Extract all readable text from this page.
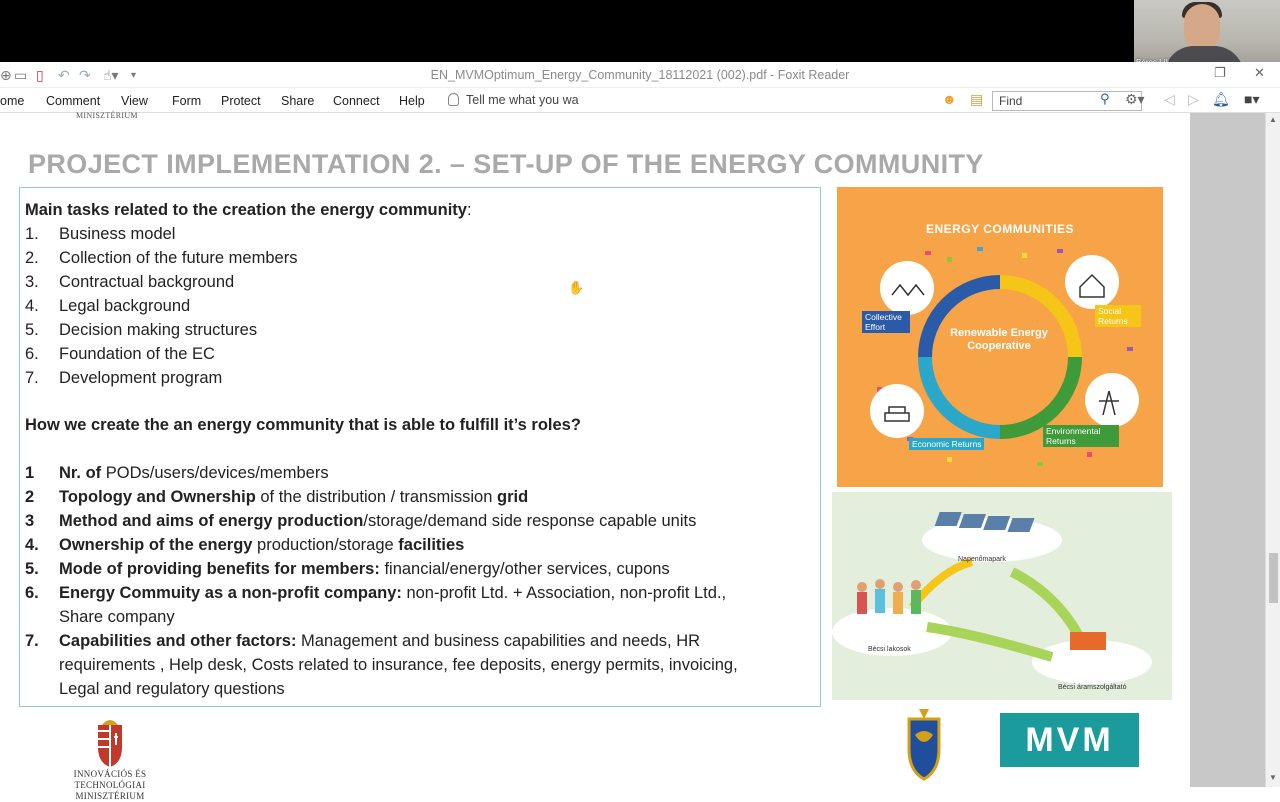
⊕ ▭ ▯ ↶ ↷ ☝▾ ▾	EN_MVMOptimum_Energy_Community_18112021 (002).pdf - Foxit Reader	❐ ✕
ome Comment View Form Protect Share Connect Help	Tell me what you wa	☻ ▤
Find	⚲ ⚙▾ ◁ ▷ 🔔︎ ■▾
MINISZTÉRIUM
PROJECT IMPLEMENTATION 2. – SET-UP OF THE ENERGY COMMUNITY
Main tasks related to the creation the energy community:
1. Business model
2. Collection of the future members
3. Contractual background
4. Legal background
5. Decision making structures
6. Foundation of the EC
7. Development program
How we create the an energy community that is able to fulfill it’s roles?
1 Nr. of PODs/users/devices/members
2 Topology and Ownership of the distribution / transmission grid
3 Method and aims of energy production/storage/demand side response capable units
4. Ownership of the energy production/storage facilities
5. Mode of providing benefits for members: financial/energy/other services, cupons
6. Energy Commuity as a non-profit company: non-profit Ltd. + Association, non-profit Ltd.,
Share company
7. Capabilities and other factors: Management and business capabilities and needs, HR
requirements , Help desk, Costs related to insurance, fee deposits, energy permits, invoicing,
Legal and regulatory questions
ENERGY COMMUNITIES
Renewable Energy Cooperative
Collective Effort
Social Returns
Environmental Returns
Economic Returns
Napenőmapark
Bécsi lakosok
Bécsi áramszolgáltató
INNOVÁCIÓS ÉS TECHNOLÓGIAI
MINISZTÉRIUM
MVM
✋
▲
▼
